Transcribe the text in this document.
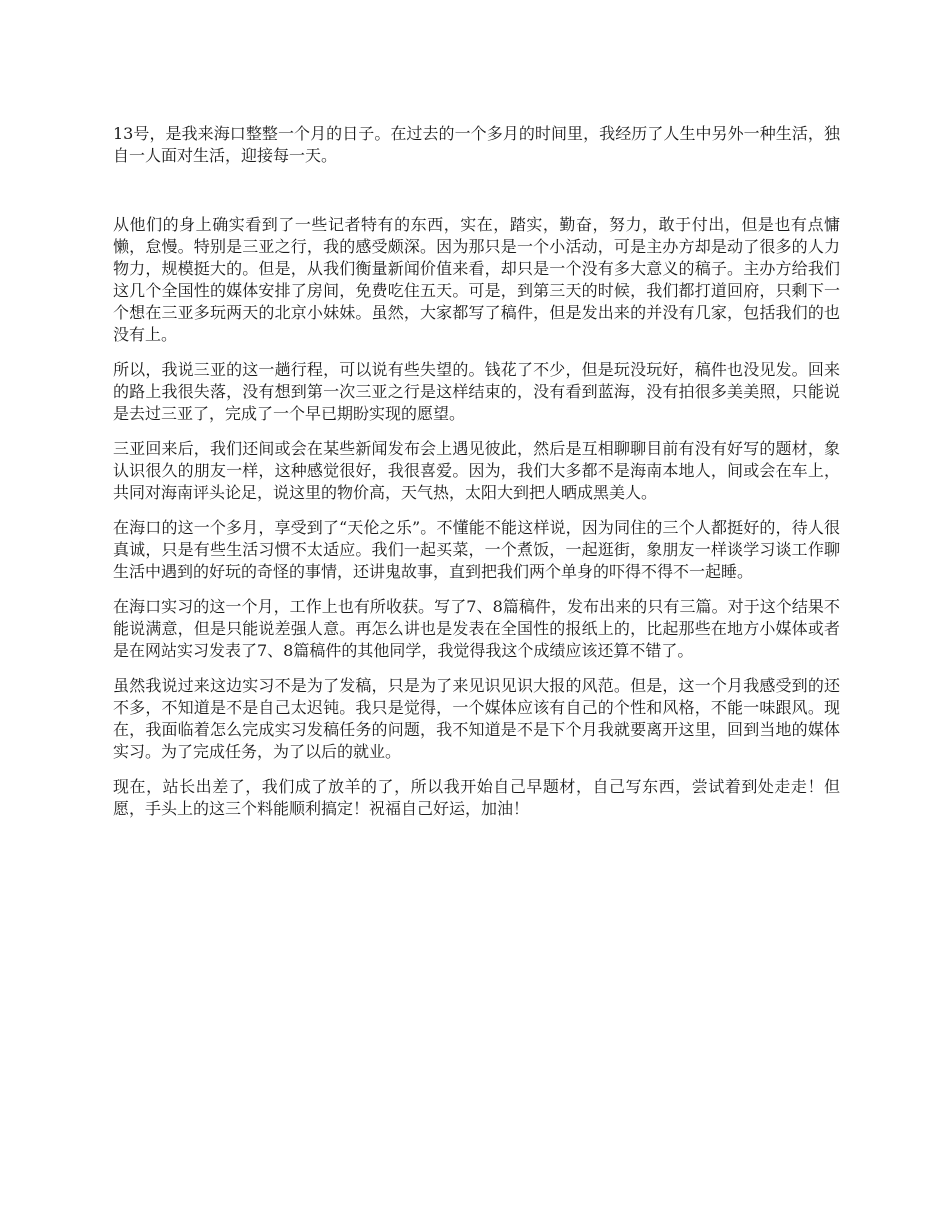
13号，是我来海口整整一个月的日子。在过去的一个多月的时间里，我经历了人生中另外一种生活，独自一人面对生活，迎接每一天。

从他们的身上确实看到了一些记者特有的东西，实在，踏实，勤奋，努力，敢于付出，但是也有点慵懒，怠慢。特别是三亚之行，我的感受颇深。因为那只是一个小活动，可是主办方却是动了很多的人力物力，规模挺大的。但是，从我们衡量新闻价值来看，却只是一个没有多大意义的稿子。主办方给我们这几个全国性的媒体安排了房间，免费吃住五天。可是，到第三天的时候，我们都打道回府，只剩下一个想在三亚多玩两天的北京小妹妹。虽然，大家都写了稿件，但是发出来的并没有几家，包括我们的也没有上。

所以，我说三亚的这一趟行程，可以说有些失望的。钱花了不少，但是玩没玩好，稿件也没见发。回来的路上我很失落，没有想到第一次三亚之行是这样结束的，没有看到蓝海，没有拍很多美美照，只能说是去过三亚了，完成了一个早已期盼实现的愿望。

三亚回来后，我们还间或会在某些新闻发布会上遇见彼此，然后是互相聊聊目前有没有好写的题材，象认识很久的朋友一样，这种感觉很好，我很喜爱。因为，我们大多都不是海南本地人，间或会在车上，共同对海南评头论足，说这里的物价高，天气热，太阳大到把人晒成黑美人。

在海口的这一个多月，享受到了“天伦之乐”。不懂能不能这样说，因为同住的三个人都挺好的，待人很真诚，只是有些生活习惯不太适应。我们一起买菜，一个煮饭，一起逛街，象朋友一样谈学习谈工作聊生活中遇到的好玩的奇怪的事情，还讲鬼故事，直到把我们两个单身的吓得不得不一起睡。

在海口实习的这一个月，工作上也有所收获。写了7、8篇稿件，发布出来的只有三篇。对于这个结果不能说满意，但是只能说差强人意。再怎么讲也是发表在全国性的报纸上的，比起那些在地方小媒体或者是在网站实习发表了7、8篇稿件的其他同学，我觉得我这个成绩应该还算不错了。

虽然我说过来这边实习不是为了发稿，只是为了来见识见识大报的风范。但是，这一个月我感受到的还不多，不知道是不是自己太迟钝。我只是觉得，一个媒体应该有自己的个性和风格，不能一味跟风。现在，我面临着怎么完成实习发稿任务的问题，我不知道是不是下个月我就要离开这里，回到当地的媒体实习。为了完成任务，为了以后的就业。

现在，站长出差了，我们成了放羊的了，所以我开始自己早题材，自己写东西，尝试着到处走走！但愿，手头上的这三个料能顺利搞定！祝福自己好运，加油！
